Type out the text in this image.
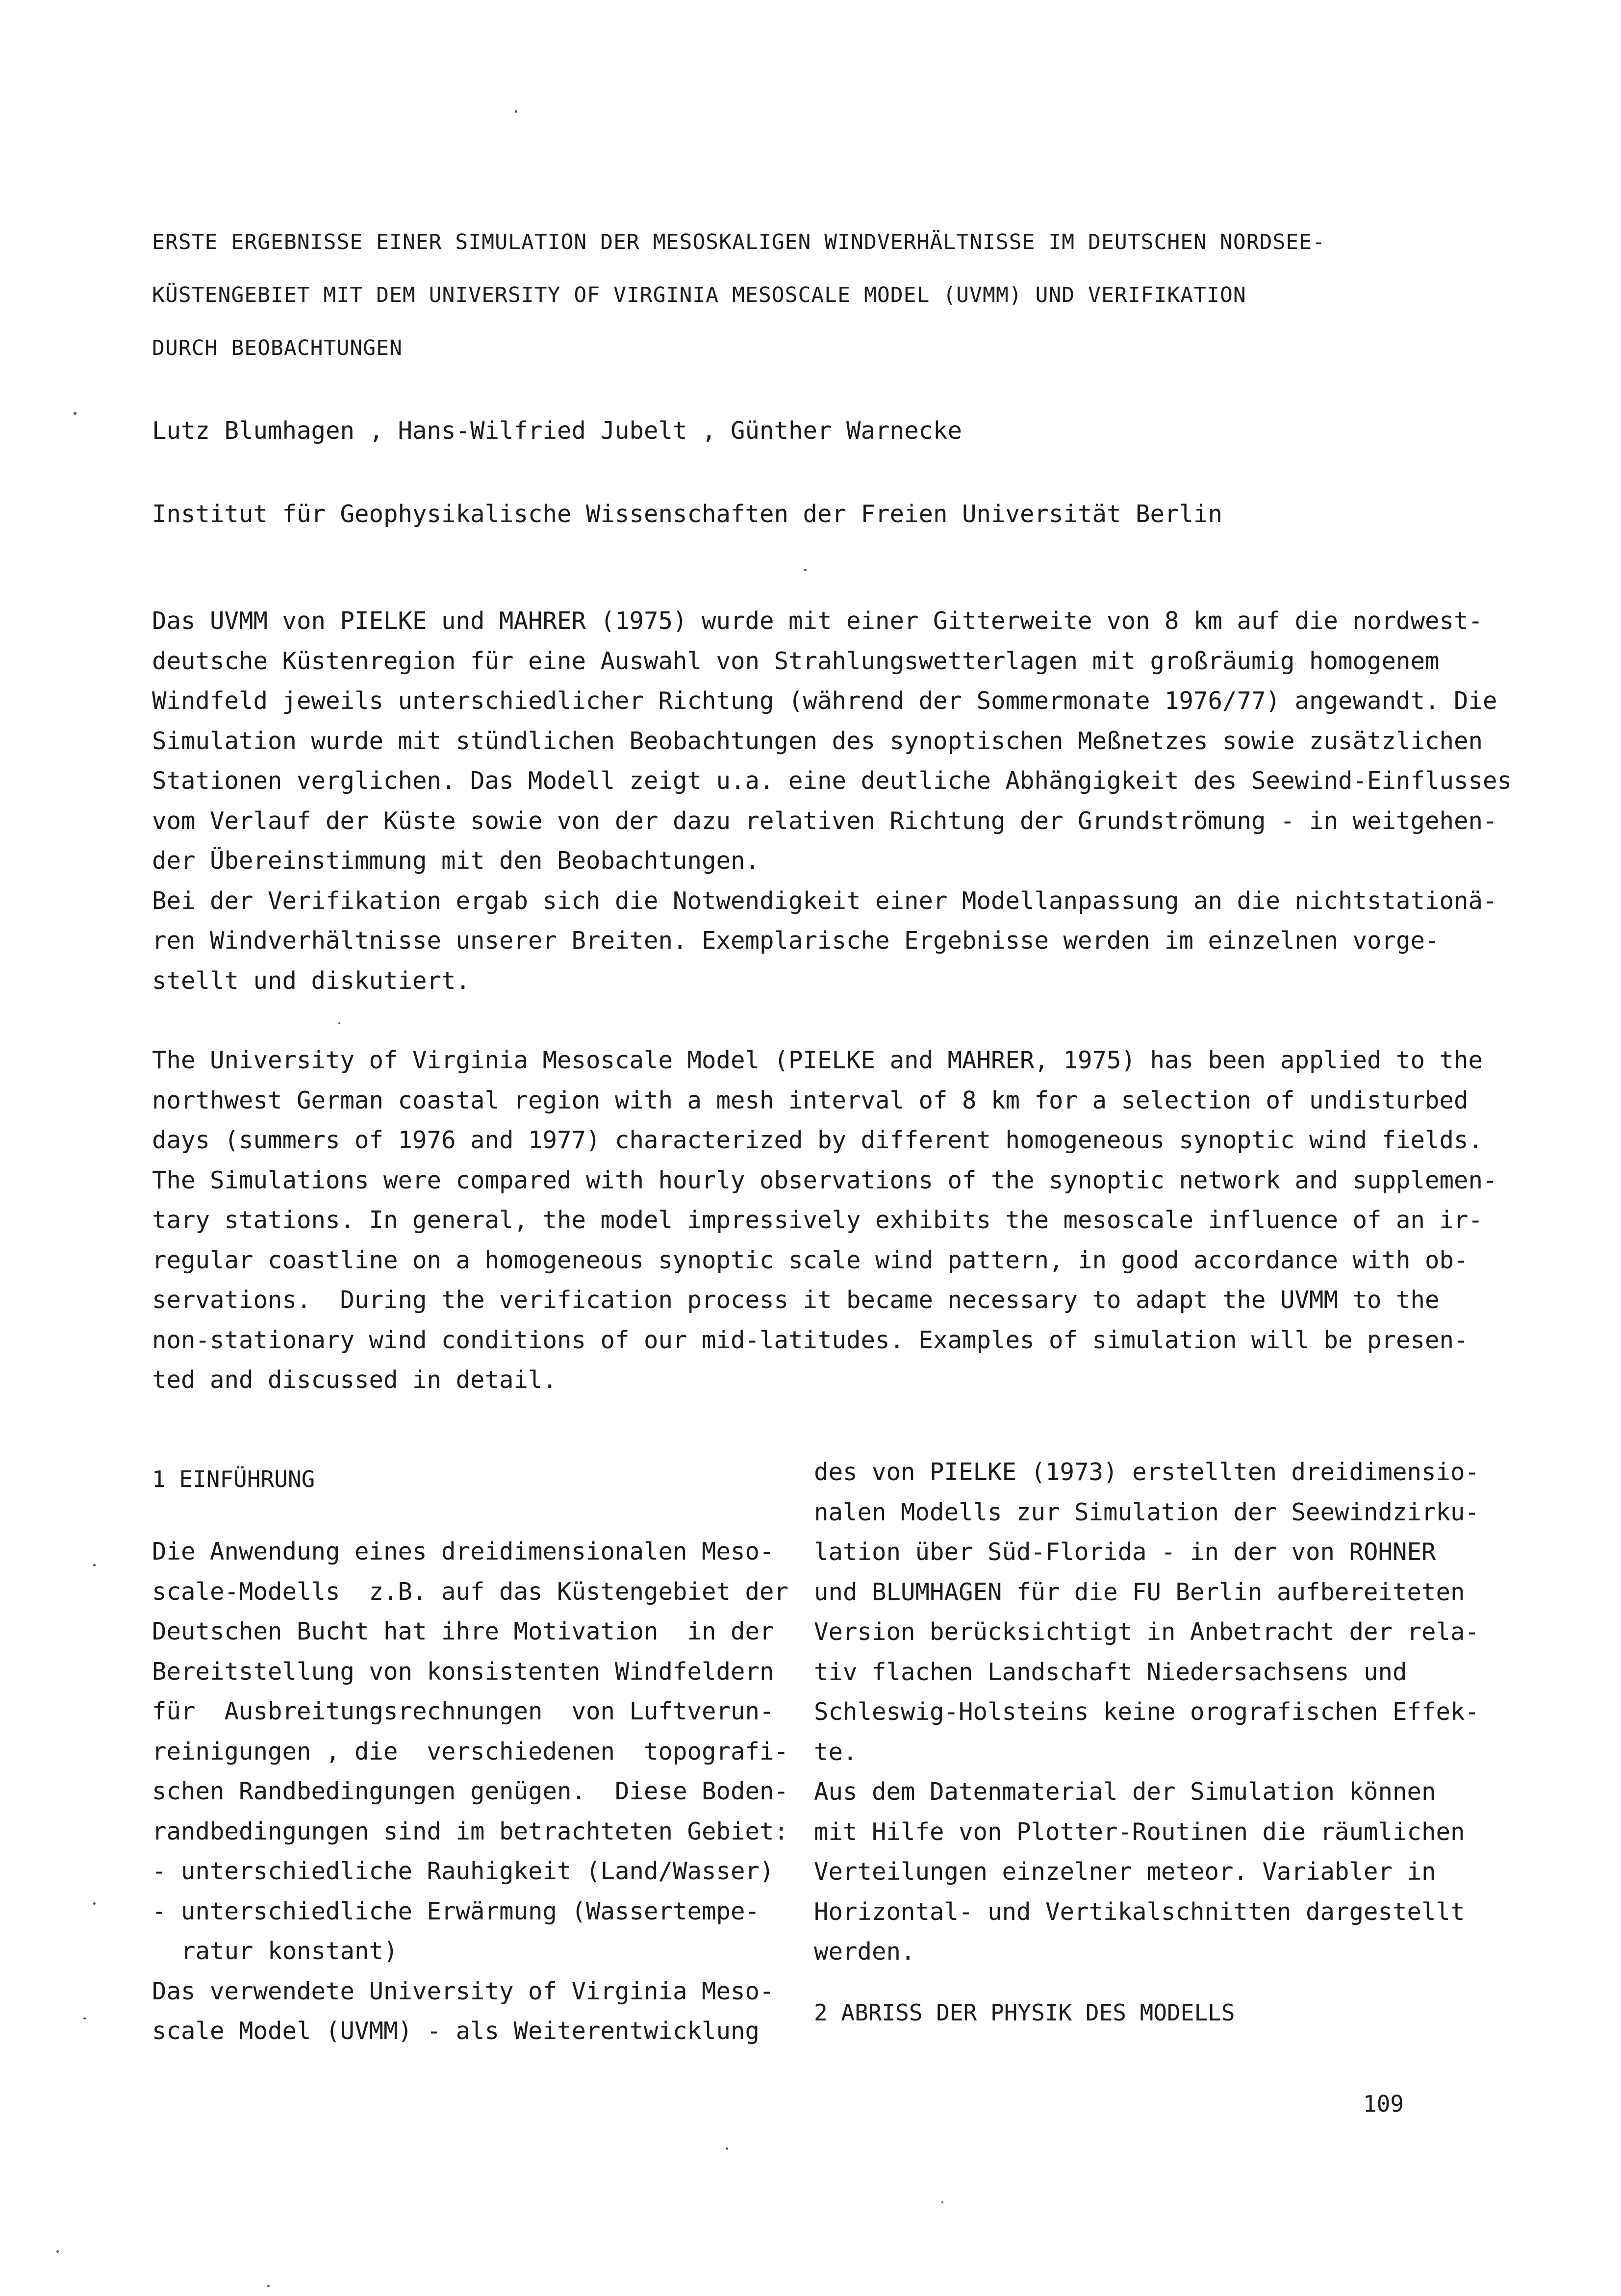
ERSTE ERGEBNISSE EINER SIMULATION DER MESOSKALIGEN WINDVERHÄLTNISSE IM DEUTSCHEN NORDSEE-
KÜSTENGEBIET MIT DEM UNIVERSITY OF VIRGINIA MESOSCALE MODEL (UVMM) UND VERIFIKATION
DURCH BEOBACHTUNGEN
Lutz Blumhagen , Hans-Wilfried Jubelt , Günther Warnecke
Institut für Geophysikalische Wissenschaften der Freien Universität Berlin
Das UVMM von PIELKE und MAHRER (1975) wurde mit einer Gitterweite von 8 km auf die nordwest-
deutsche Küstenregion für eine Auswahl von Strahlungswetterlagen mit großräumig homogenem
Windfeld jeweils unterschiedlicher Richtung (während der Sommermonate 1976/77) angewandt. Die
Simulation wurde mit stündlichen Beobachtungen des synoptischen Meßnetzes sowie zusätzlichen
Stationen verglichen. Das Modell zeigt u.a. eine deutliche Abhängigkeit des Seewind-Einflusses
vom Verlauf der Küste sowie von der dazu relativen Richtung der Grundströmung - in weitgehen-
der Übereinstimmung mit den Beobachtungen.
Bei der Verifikation ergab sich die Notwendigkeit einer Modellanpassung an die nichtstationä-
ren Windverhältnisse unserer Breiten. Exemplarische Ergebnisse werden im einzelnen vorge-
stellt und diskutiert.
The University of Virginia Mesoscale Model (PIELKE and MAHRER, 1975) has been applied to the
northwest German coastal region with a mesh interval of 8 km for a selection of undisturbed
days (summers of 1976 and 1977) characterized by different homogeneous synoptic wind fields.
The Simulations were compared with hourly observations of the synoptic network and supplemen-
tary stations. In general, the model impressively exhibits the mesoscale influence of an ir-
regular coastline on a homogeneous synoptic scale wind pattern, in good accordance with ob-
servations.  During the verification process it became necessary to adapt the UVMM to the
non-stationary wind conditions of our mid-latitudes. Examples of simulation will be presen-
ted and discussed in detail.
1 EINFÜHRUNG
Die Anwendung eines dreidimensionalen Meso-
scale-Modells  z.B. auf das Küstengebiet der
Deutschen Bucht hat ihre Motivation  in der
Bereitstellung von konsistenten Windfeldern
für  Ausbreitungsrechnungen  von Luftverun-
reinigungen , die  verschiedenen  topografi-
schen Randbedingungen genügen.  Diese Boden-
randbedingungen sind im betrachteten Gebiet:
- unterschiedliche Rauhigkeit (Land/Wasser)
- unterschiedliche Erwärmung (Wassertempe-
ratur konstant)
Das verwendete University of Virginia Meso-
scale Model (UVMM) - als Weiterentwicklung
des von PIELKE (1973) erstellten dreidimensio-
nalen Modells zur Simulation der Seewindzirku-
lation über Süd-Florida - in der von ROHNER
und BLUMHAGEN für die FU Berlin aufbereiteten
Version berücksichtigt in Anbetracht der rela-
tiv flachen Landschaft Niedersachsens und
Schleswig-Holsteins keine orografischen Effek-
te.
Aus dem Datenmaterial der Simulation können
mit Hilfe von Plotter-Routinen die räumlichen
Verteilungen einzelner meteor. Variabler in
Horizontal- und Vertikalschnitten dargestellt
werden.
2 ABRISS DER PHYSIK DES MODELLS
109
